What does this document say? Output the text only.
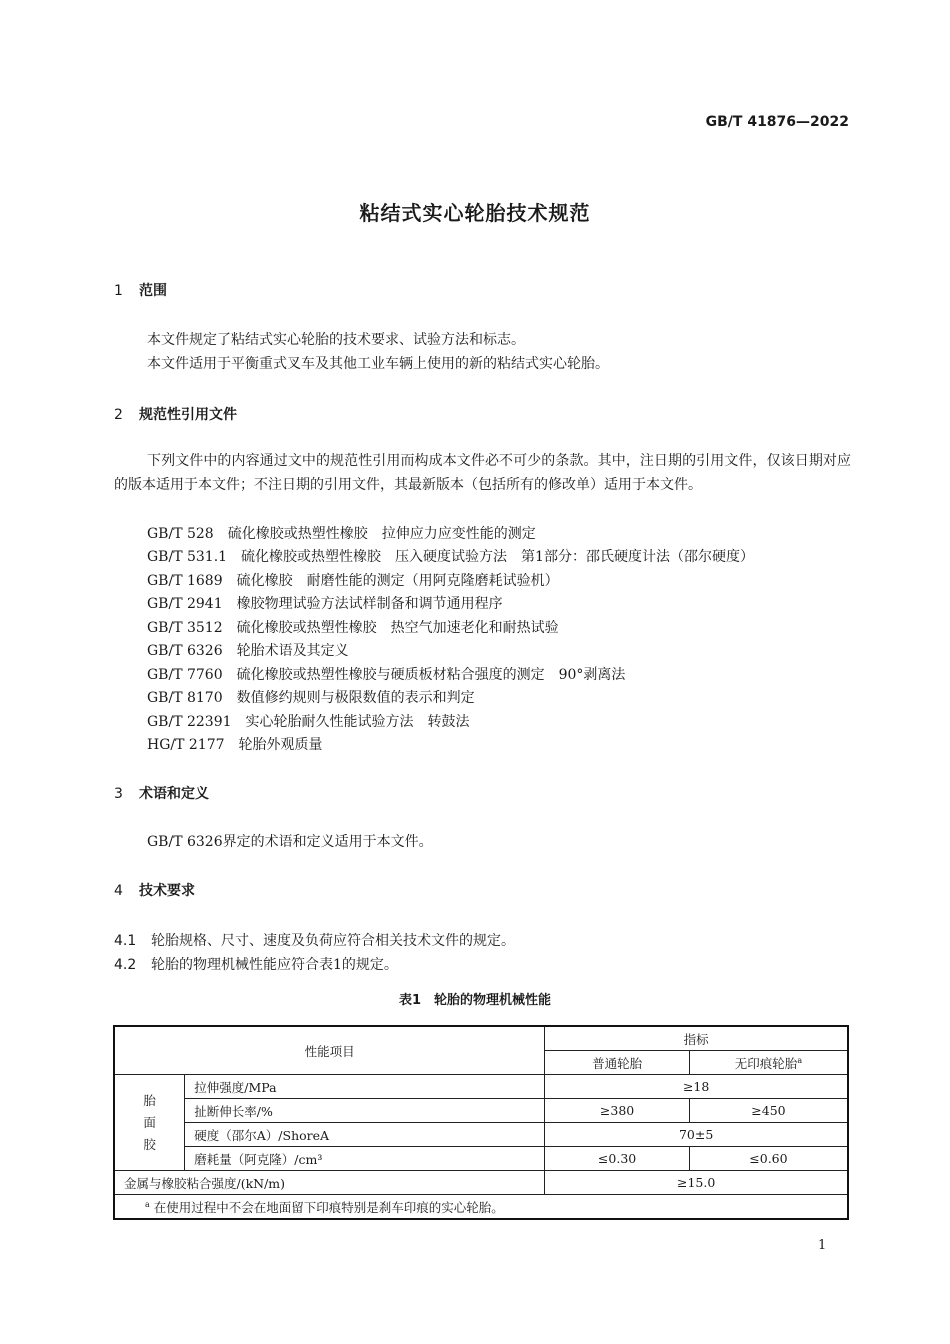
GB/T 41876—2022
粘结式实心轮胎技术规范
1 范围
本文件规定了粘结式实心轮胎的技术要求、试验方法和标志。
本文件适用于平衡重式叉车及其他工业车辆上使用的新的粘结式实心轮胎。
2 规范性引用文件
下列文件中的内容通过文中的规范性引用而构成本文件必不可少的条款。其中，注日期的引用文件，仅该日期对应的版本适用于本文件；不注日期的引用文件，其最新版本（包括所有的修改单）适用于本文件。
GB/T 528　硫化橡胶或热塑性橡胶　拉伸应力应变性能的测定
GB/T 531.1　硫化橡胶或热塑性橡胶　压入硬度试验方法　第1部分：邵氏硬度计法（邵尔硬度）
GB/T 1689　硫化橡胶　耐磨性能的测定（用阿克隆磨耗试验机）
GB/T 2941　橡胶物理试验方法试样制备和调节通用程序
GB/T 3512　硫化橡胶或热塑性橡胶　热空气加速老化和耐热试验
GB/T 6326　轮胎术语及其定义
GB/T 7760　硫化橡胶或热塑性橡胶与硬质板材粘合强度的测定　90°剥离法
GB/T 8170　数值修约规则与极限数值的表示和判定
GB/T 22391　实心轮胎耐久性能试验方法　转鼓法
HG/T 2177　轮胎外观质量
3 术语和定义
GB/T 6326界定的术语和定义适用于本文件。
4 技术要求
4.1 轮胎规格、尺寸、速度及负荷应符合相关技术文件的规定。
4.2 轮胎的物理机械性能应符合表1的规定。
表1　轮胎的物理机械性能
性能项目		指标	
		普通轮胎	无印痕轮胎$^a$

胎
面
胶	拉伸强度/MPa	≥18	
	扯断伸长率/%	≥380	≥450
	硬度（邵尔A）/ShoreA	70±5	
	磨耗量（阿克隆）/cm³	≤0.30	≤0.60
金属与橡胶粘合强度/(kN/m)		≥15.0	
$^a$ 在使用过程中不会在地面留下印痕特别是刹车印痕的实心轮胎。			
1
